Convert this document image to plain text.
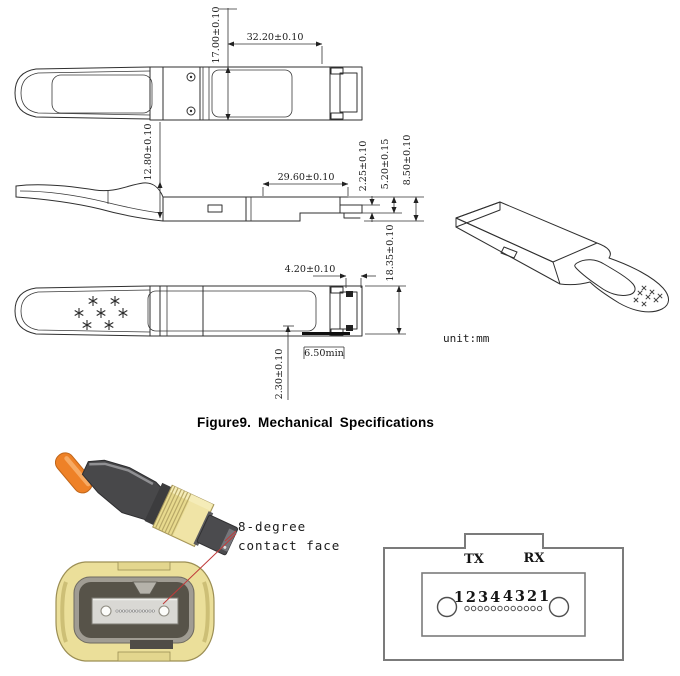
17.00±0.10	32.20±0.10
12.80±0.10	29.60±0.10 2.25±0.10 5.20±0.15 8.50±0.10
4.20±0.10	18.35±0.10
2.30±0.10 6.50min
unit:mm
8-degree
contact face
TX	RX
1234 4321
Figure9. Mechanical Specifications
